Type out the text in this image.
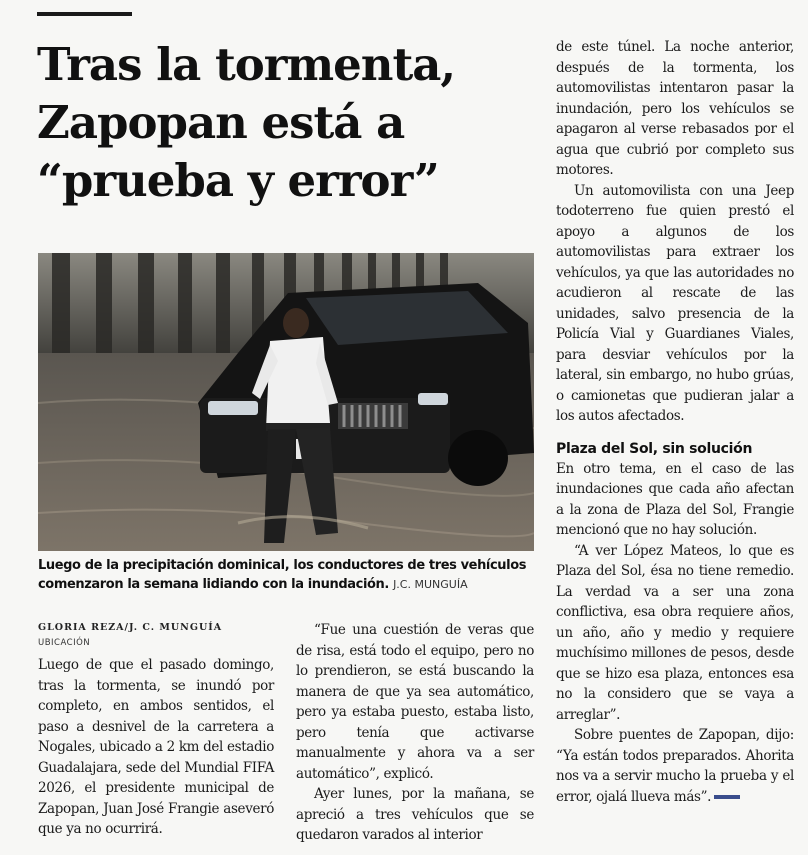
Tras la tormenta, Zapopan está a “prueba y error”
Luego de la precipitación dominical, los conductores de tres vehículos comenzaron la semana lidiando con la inundación. J.C. MUNGUÍA
GLORIA REZA/J. C. MUNGUÍA
UBICACIÓN

Luego de que el pasado domingo, tras la tormenta, se inundó por completo, en ambos sentidos, el paso a desnivel de la carretera a Nogales, ubicado a 2 km del estadio Guadalajara, sede del Mundial FIFA 2026, el presidente municipal de Zapopan, Juan José Frangie aseveró que ya no ocurrirá.

“Fue una cuestión de veras que de risa, está todo el equipo, pero no lo prendieron, se está buscando la manera de que ya sea automático, pero ya estaba puesto, estaba listo, pero tenía que activarse manualmente y ahora va a ser automático”, explicó.

Ayer lunes, por la mañana, se apreció a tres vehículos que se quedaron varados al interior

de este túnel. La noche anterior, después de la tormenta, los automovilistas intentaron pasar la inundación, pero los vehículos se apagaron al verse rebasados por el agua que cubrió por completo sus motores.

Un automovilista con una Jeep todoterreno fue quien prestó el apoyo a algunos de los automovilistas para extraer los vehículos, ya que las autoridades no acudieron al rescate de las unidades, salvo presencia de la Policía Vial y Guardianes Viales, para desviar vehículos por la lateral, sin embargo, no hubo grúas, o camionetas que pudieran jalar a los autos afectados.

Plaza del Sol, sin solución

En otro tema, en el caso de las inundaciones que cada año afectan a la zona de Plaza del Sol, Frangie mencionó que no hay solución.

“A ver López Mateos, lo que es Plaza del Sol, ésa no tiene remedio. La verdad va a ser una zona conflictiva, esa obra requiere años, un año, año y medio y requiere muchísimo millones de pesos, desde que se hizo esa plaza, entonces esa no la considero que se vaya a arreglar”.

Sobre puentes de Zapopan, dijo: “Ya están todos preparados. Ahorita nos va a servir mucho la prueba y el error, ojalá llueva más”.
